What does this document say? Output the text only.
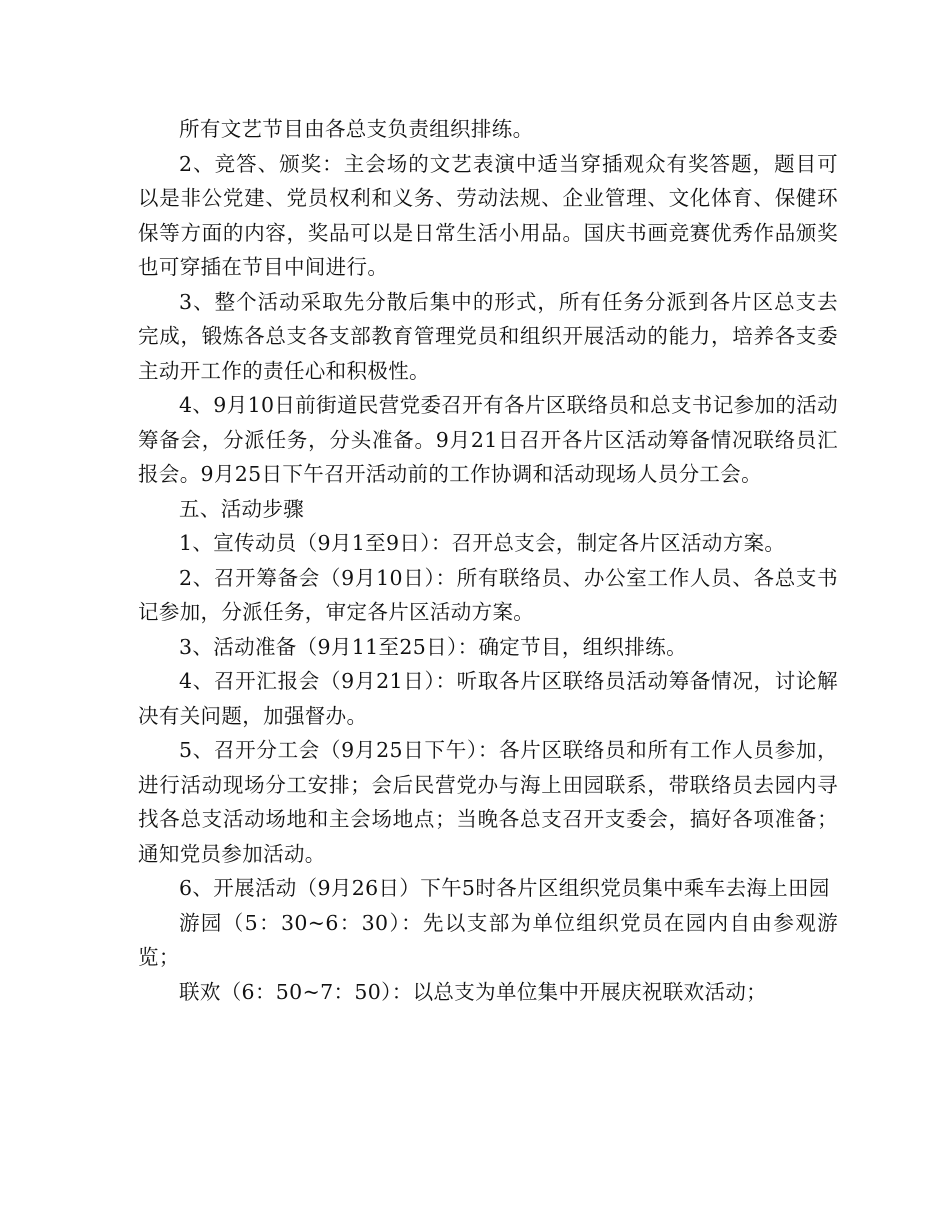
所有文艺节目由各总支负责组织排练。

2、竞答、颁奖：主会场的文艺表演中适当穿插观众有奖答题，题目可以是非公党建、党员权利和义务、劳动法规、企业管理、文化体育、保健环保等方面的内容，奖品可以是日常生活小用品。国庆书画竞赛优秀作品颁奖也可穿插在节目中间进行。

3、整个活动采取先分散后集中的形式，所有任务分派到各片区总支去完成，锻炼各总支各支部教育管理党员和组织开展活动的能力，培养各支委主动开工作的责任心和积极性。

4、9月10日前街道民营党委召开有各片区联络员和总支书记参加的活动筹备会，分派任务，分头准备。9月21日召开各片区活动筹备情况联络员汇报会。9月25日下午召开活动前的工作协调和活动现场人员分工会。

五、活动步骤

1、宣传动员（9月1至9日）：召开总支会，制定各片区活动方案。

2、召开筹备会（9月10日）：所有联络员、办公室工作人员、各总支书记参加，分派任务，审定各片区活动方案。

3、活动准备（9月11至25日）：确定节目，组织排练。

4、召开汇报会（9月21日）：听取各片区联络员活动筹备情况，讨论解决有关问题，加强督办。

5、召开分工会（9月25日下午）：各片区联络员和所有工作人员参加，进行活动现场分工安排；会后民营党办与海上田园联系，带联络员去园内寻找各总支活动场地和主会场地点；当晚各总支召开支委会，搞好各项准备；通知党员参加活动。

6、开展活动（9月26日）下午5时各片区组织党员集中乘车去海上田园

游园（5：30~6：30）：先以支部为单位组织党员在园内自由参观游览；

联欢（6：50~7：50）：以总支为单位集中开展庆祝联欢活动；
